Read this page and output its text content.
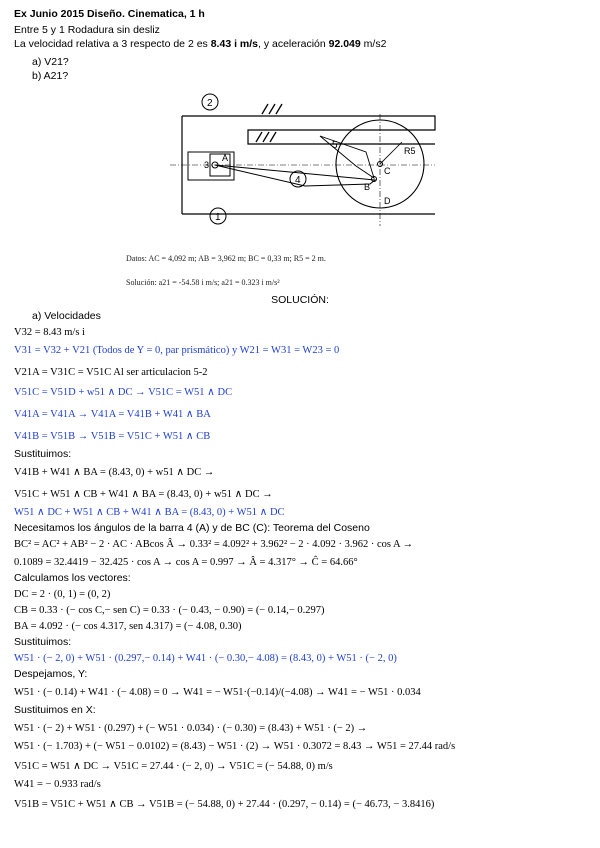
Ex Junio 2015 Diseño. Cinematica, 1 h
Entre 5 y 1 Rodadura sin desliz
La velocidad relativa a 3 respecto de 2 es 8.43 i m/s, y aceleración 92.049 m/s2
a) V21?
b) A21?
2
1
4
5
3
A
B
C
D
R5
Datos: AC = 4,092 m; AB = 3,962 m; BC = 0,33 m; R5 = 2 m.
Solución: a21 = -54.58 i m/s; a21 = 0.323 i m/s²
SOLUCIÓN:
a) Velocidades
V32 = 8.43 m/s i
V31 = V32 + V21 (Todos de Y = 0, par prismático) y W21 = W31 = W23 = 0
V21A = V31C = V51C Al ser articulacion 5-2
V51C = V51D + w51 ∧ DC → V51C = W51 ∧ DC
V41A = V41A → V41A = V41B + W41 ∧ BA
V41B = V51B → V51B = V51C + W51 ∧ CB
Sustituimos:
V41B + W41 ∧ BA = (8.43, 0) + w51 ∧ DC →
V51C + W51 ∧ CB + W41 ∧ BA = (8.43, 0) + w51 ∧ DC →
W51 ∧ DC + W51 ∧ CB + W41 ∧ BA = (8.43, 0) + W51 ∧ DC
Necesitamos los ángulos de la barra 4 (A) y de BC (C): Teorema del Coseno
BC² = AC² + AB² − 2 · AC · ABcos Â → 0.33² = 4.092² + 3.962² − 2 · 4.092 · 3.962 · cos A →
0.1089 = 32.4419 − 32.425 · cos A → cos A = 0.997 → Â = 4.317° → Ĉ = 64.66°
Calculamos los vectores:
DC = 2 · (0, 1) = (0, 2)
CB = 0.33 · (− cos C,− sen C) = 0.33 · (− 0.43, − 0.90) = (− 0.14,− 0.297)
BA = 4.092 · (− cos 4.317, sen 4.317) = (− 4.08, 0.30)
Sustituimos:
W51 · (− 2, 0) + W51 · (0.297,− 0.14) + W41 · (− 0.30,− 4.08) = (8.43, 0) + W51 · (− 2, 0)
Despejamos, Y:
W51 · (− 0.14) + W41 · (− 4.08) = 0 → W41 = − W51·(−0.14)/(−4.08) → W41 = − W51 · 0.034
Sustituimos en X:
W51 · (− 2) + W51 · (0.297) + (− W51 · 0.034) · (− 0.30) = (8.43) + W51 · (− 2) →
W51 · (− 1.703) + (− W51 − 0.0102) = (8.43) − W51 · (2) → W51 · 0.3072 = 8.43 → W51 = 27.44 rad/s
V51C = W51 ∧ DC → V51C = 27.44 · (− 2, 0) → V51C = (− 54.88, 0) m/s
W41 = − 0.933 rad/s
V51B = V51C + W51 ∧ CB → V51B = (− 54.88, 0) + 27.44 · (0.297, − 0.14) = (− 46.73, − 3.8416)
